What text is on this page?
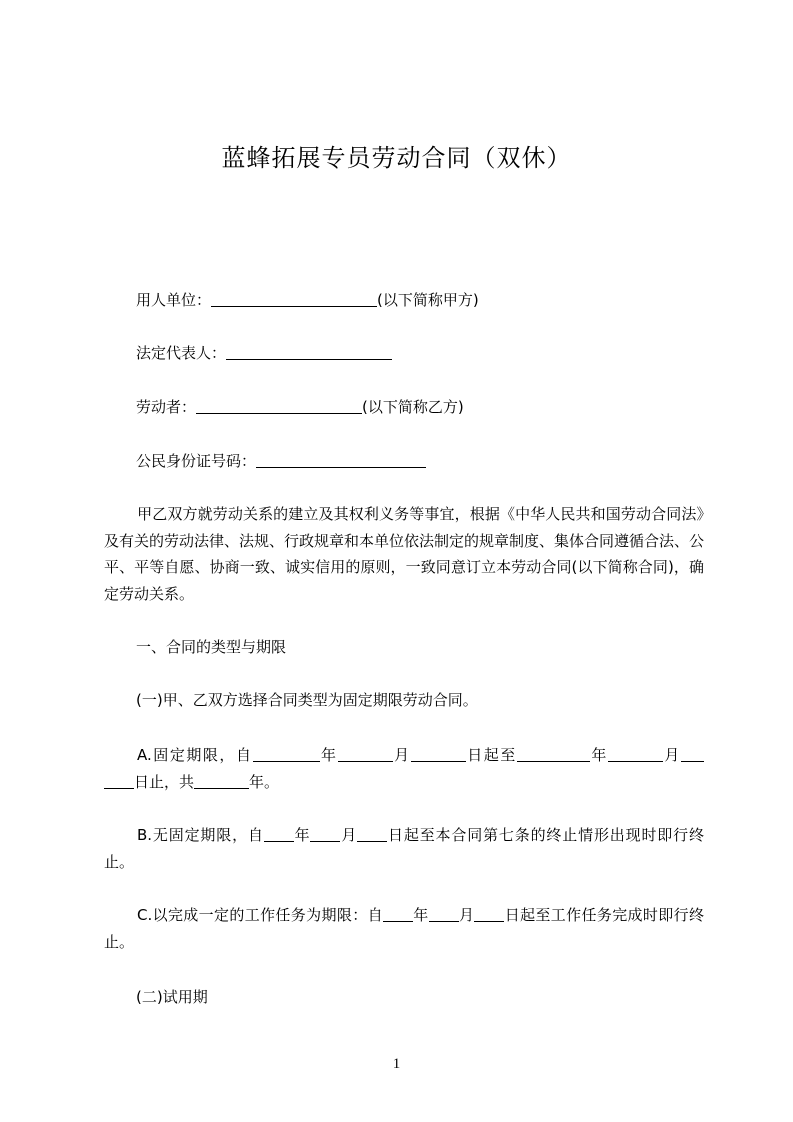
蓝蜂拓展专员劳动合同（双休）
用人单位：	(以下简称甲方)
法定代表人：
劳动者：	(以下简称乙方)
公民身份证号码：
甲乙双方就劳动关系的建立及其权利义务等事宜，根据《中华人民共和国劳动合同法》及有关的劳动法律、法规、行政规章和本单位依法制定的规章制度、集体合同遵循合法、公平、平等自愿、协商一致、诚实信用的原则，一致同意订立本劳动合同(以下简称合同)，确定劳动关系。
一、合同的类型与期限
(一)甲、乙双方选择合同类型为固定期限劳动合同。
A.固定期限，自	年	月	日起至	年	月日止，共	年。
B.无固定期限，自 年 月 日起至本合同第七条的终止情形出现时即行终止。
C.以完成一定的工作任务为期限：自 年 月 日起至工作任务完成时即行终止。
(二)试用期
1
